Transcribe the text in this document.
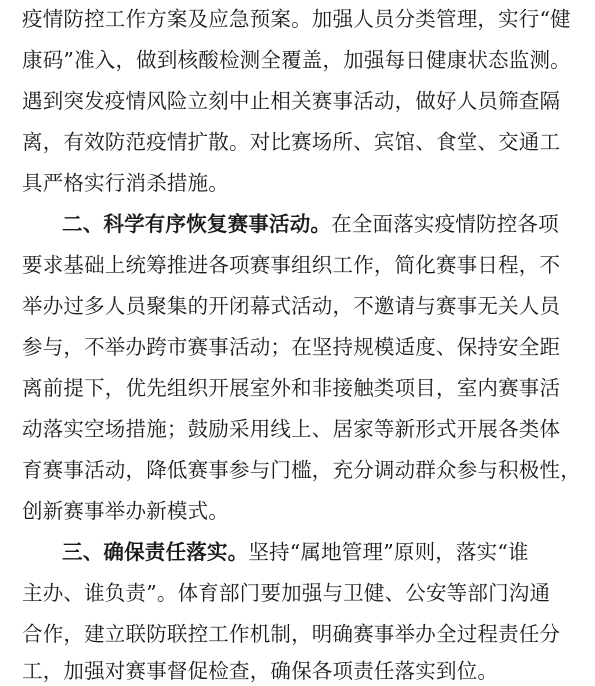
疫情防控工作方案及应急预案。加强人员分类管理，实行“健
康码”准入，做到核酸检测全覆盖，加强每日健康状态监测。
遇到突发疫情风险立刻中止相关赛事活动，做好人员筛查隔
离，有效防范疫情扩散。对比赛场所、宾馆、食堂、交通工
具严格实行消杀措施。
二、科学有序恢复赛事活动。在全面落实疫情防控各项
要求基础上统筹推进各项赛事组织工作，简化赛事日程，不
举办过多人员聚集的开闭幕式活动，不邀请与赛事无关人员
参与，不举办跨市赛事活动；在坚持规模适度、保持安全距
离前提下，优先组织开展室外和非接触类项目，室内赛事活
动落实空场措施；鼓励采用线上、居家等新形式开展各类体
育赛事活动，降低赛事参与门槛，充分调动群众参与积极性，
创新赛事举办新模式。
三、确保责任落实。坚持“属地管理”原则，落实“谁
主办、谁负责”。体育部门要加强与卫健、公安等部门沟通
合作，建立联防联控工作机制，明确赛事举办全过程责任分
工，加强对赛事督促检查，确保各项责任落实到位。
